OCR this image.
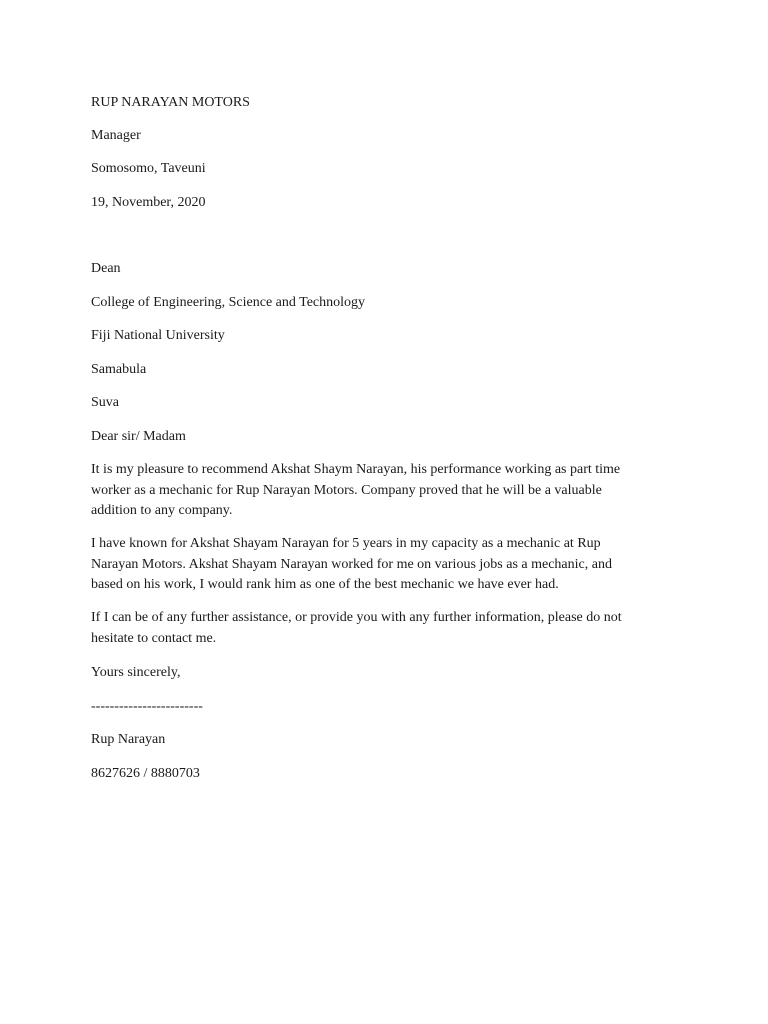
RUP NARAYAN MOTORS
Manager
Somosomo, Taveuni
19, November, 2020
Dean
College of Engineering, Science and Technology
Fiji National University
Samabula
Suva
Dear sir/ Madam
It is my pleasure to recommend Akshat Shaym Narayan, his performance working as part time
worker as a mechanic for Rup Narayan Motors. Company proved that he will be a valuable
addition to any company.
I have known for Akshat Shayam Narayan for 5 years in my capacity as a mechanic at Rup
Narayan Motors. Akshat Shayam Narayan worked for me on various jobs as a mechanic, and
based on his work, I would rank him as one of the best mechanic we have ever had.
If I can be of any further assistance, or provide you with any further information, please do not
hesitate to contact me.
Yours sincerely,
------------------------
Rup Narayan
8627626 / 8880703
